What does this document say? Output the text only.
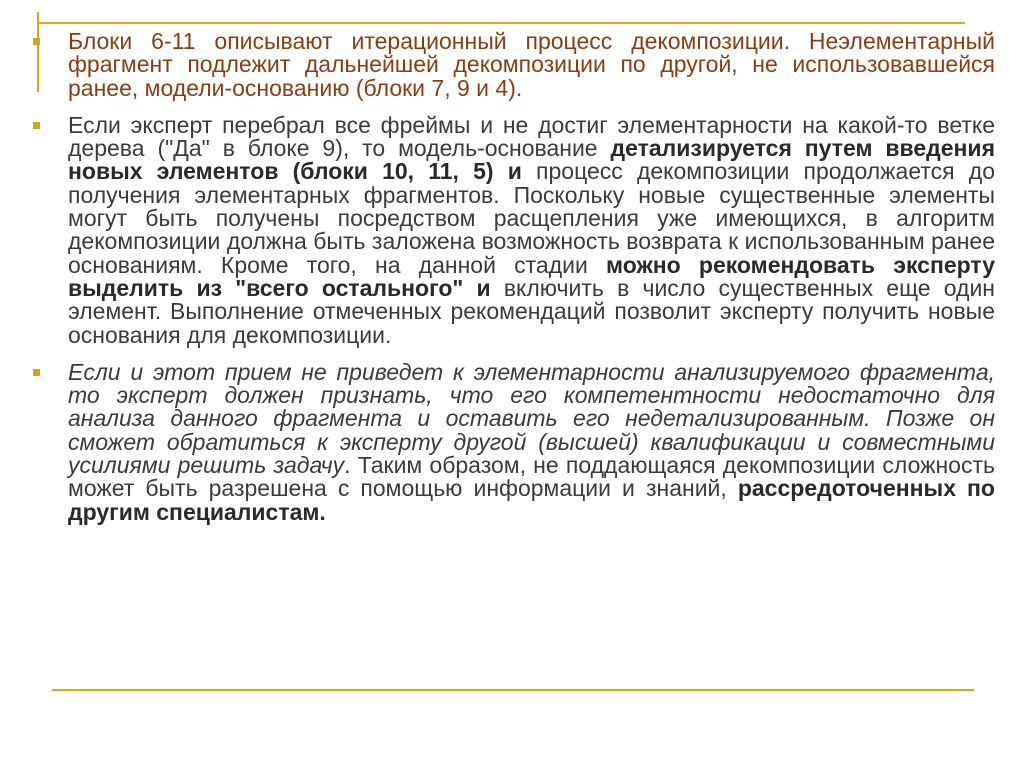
Блоки 6-11 описывают итерационный процесс декомпозиции. Неэлементарный фрагмент подлежит дальнейшей декомпозиции по другой, не использовавшейся ранее, модели-основанию (блоки 7, 9 и 4).
Если эксперт перебрал все фреймы и не достиг элементарности на какой-то ветке дерева ("Да" в блоке 9), то модель-основание детализируется путем введения новых элементов (блоки 10, 11, 5) и процесс декомпозиции продолжается до получения элементарных фрагментов. Поскольку новые существенные элементы могут быть получены посредством расщепления уже имеющихся, в алгоритм декомпозиции должна быть заложена возможность возврата к использованным ранее основаниям. Кроме того, на данной стадии можно рекомендовать эксперту выделить из "всего остального" и включить в число существенных еще один элемент. Выполнение отмеченных рекомендаций позволит эксперту получить новые основания для декомпозиции.
Если и этот прием не приведет к элементарности анализируемого фрагмента, то эксперт должен признать, что его компетентности недостаточно для анализа данного фрагмента и оставить его недетализированным. Позже он сможет обратиться к эксперту другой (высшей) квалификации и совместными усилиями решить задачу. Таким образом, не поддающаяся декомпозиции сложность может быть разрешена с помощью информации и знаний, рассредоточенных по другим специалистам.
